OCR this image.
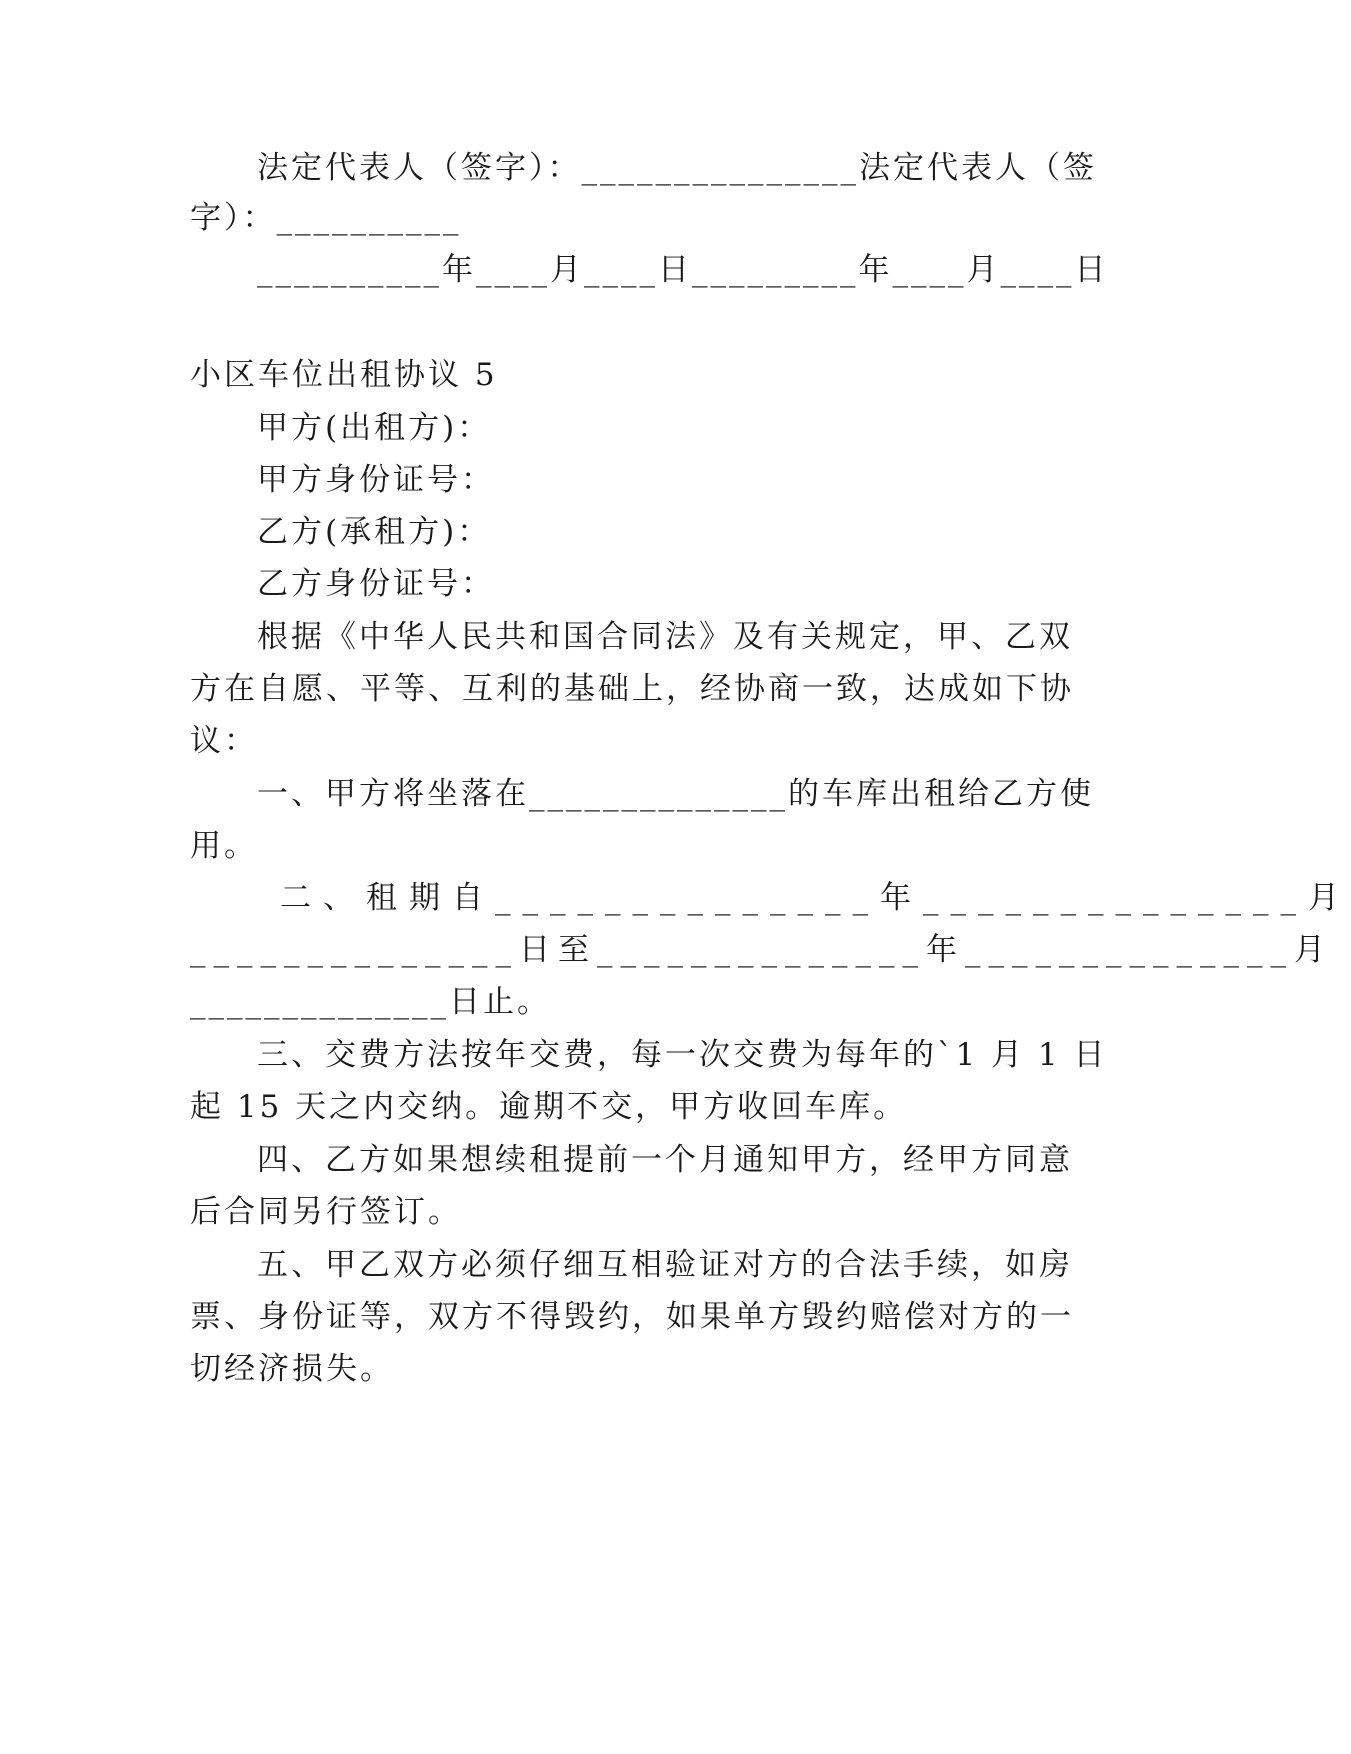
法定代表人（签字）：_______________法定代表人（签
字）：__________
__________年____月____日_________年____月____日
小区车位出租协议 5
甲方(出租方)：
甲方身份证号：
乙方(承租方)：
乙方身份证号：
根据《中华人民共和国合同法》及有关规定，甲、乙双
方在自愿、平等、互利的基础上，经协商一致，达成如下协
议：
一、甲方将坐落在______________的车库出租给乙方使
用。
二、租期自______________年______________月
______________日至______________年______________月
______________日止。
三、交费方法按年交费，每一次交费为每年的`1 月 1 日
起 15 天之内交纳。逾期不交，甲方收回车库。
四、乙方如果想续租提前一个月通知甲方，经甲方同意
后合同另行签订。
五、甲乙双方必须仔细互相验证对方的合法手续，如房
票、身份证等，双方不得毁约，如果单方毁约赔偿对方的一
切经济损失。
